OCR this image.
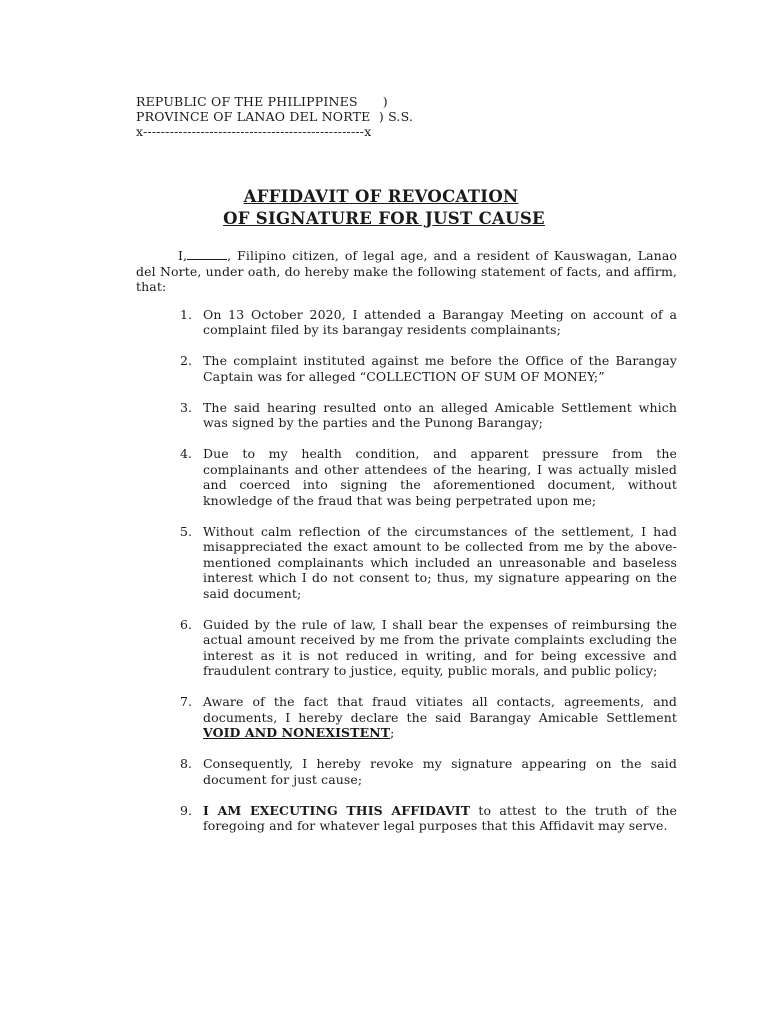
REPUBLIC OF THE PHILIPPINES )
PROVINCE OF LANAO DEL NORTE ) S.S.
x--------------------------------------------------x
AFFIDAVIT OF REVOCATION
OF SIGNATURE FOR JUST CAUSE

I,	, Filipino citizen, of legal age, and a resident of Kauswagan, Lanao del Norte, under oath, do hereby make the following statement of facts, and affirm, that:

1. On 13 October 2020, I attended a Barangay Meeting on account of a complaint filed by its barangay residents complainants;
2. The complaint instituted against me before the Office of the Barangay Captain was for alleged “COLLECTION OF SUM OF MONEY;”
3. The said hearing resulted onto an alleged Amicable Settlement which was signed by the parties and the Punong Barangay;
4. Due to my health condition, and apparent pressure from the complainants and other attendees of the hearing, I was actually misled and coerced into signing the aforementioned document, without knowledge of the fraud that was being perpetrated upon me;
5. Without calm reflection of the circumstances of the settlement, I had misappreciated the exact amount to be collected from me by the above-mentioned complainants which included an unreasonable and baseless interest which I do not consent to; thus, my signature appearing on the said document;
6. Guided by the rule of law, I shall bear the expenses of reimbursing the actual amount received by me from the private complaints excluding the interest as it is not reduced in writing, and for being excessive and fraudulent contrary to justice, equity, public morals, and public policy;
7. Aware of the fact that fraud vitiates all contacts, agreements, and documents, I hereby declare the said Barangay Amicable Settlement VOID AND NONEXISTENT;
8. Consequently, I hereby revoke my signature appearing on the said document for just cause;
9. I AM EXECUTING THIS AFFIDAVIT to attest to the truth of the foregoing and for whatever legal purposes that this Affidavit may serve.
